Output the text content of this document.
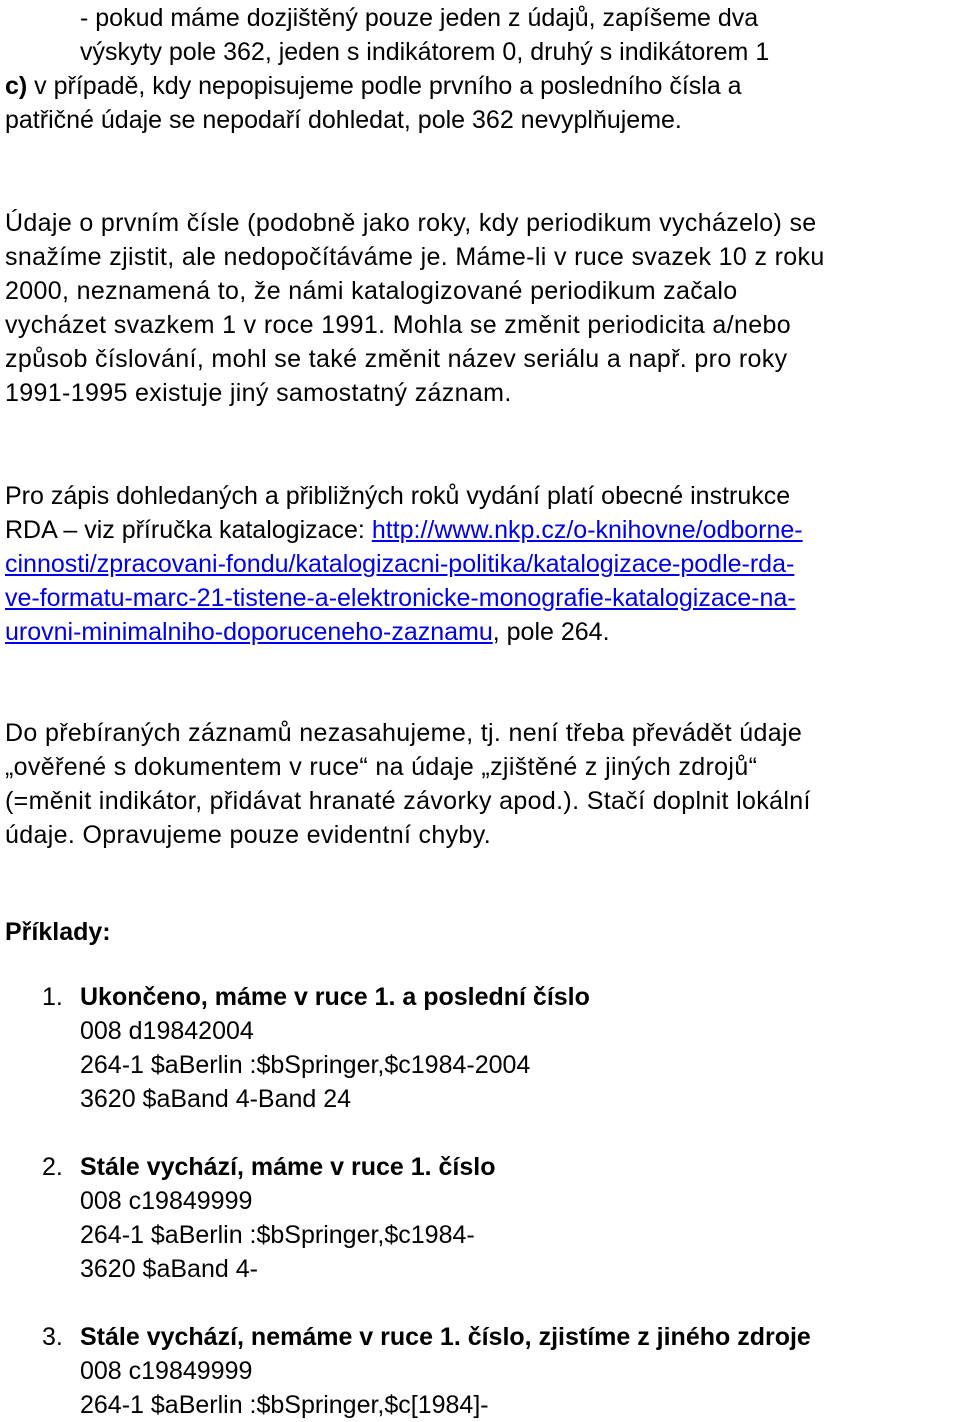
- pokud máme dozjištěný pouze jeden z údajů, zapíšeme dva
výskyty pole 362, jeden s indikátorem 0, druhý s indikátorem 1
c) v případě, kdy nepopisujeme podle prvního a posledního čísla a
patřičné údaje se nepodaří dohledat, pole 362 nevyplňujeme.
Údaje o prvním čísle (podobně jako roky, kdy periodikum vycházelo) se
snažíme zjistit, ale nedopočítáváme je. Máme-li v ruce svazek 10 z roku
2000, neznamená to, že námi katalogizované periodikum začalo
vycházet svazkem 1 v roce 1991. Mohla se změnit periodicita a/nebo
způsob číslování, mohl se také změnit název seriálu a např. pro roky
1991-1995 existuje jiný samostatný záznam.
Pro zápis dohledaných a přibližných roků vydání platí obecné instrukce
RDA – viz příručka katalogizace: http://www.nkp.cz/o-knihovne/odborne-
cinnosti/zpracovani-fondu/katalogizacni-politika/katalogizace-podle-rda-
ve-formatu-marc-21-tistene-a-elektronicke-monografie-katalogizace-na-
urovni-minimalniho-doporuceneho-zaznamu, pole 264.
Do přebíraných záznamů nezasahujeme, tj. není třeba převádět údaje
„ověřené s dokumentem v ruce“ na údaje „zjištěné z jiných zdrojů“
(=měnit indikátor, přidávat hranaté závorky apod.). Stačí doplnit lokální
údaje. Opravujeme pouze evidentní chyby.
Příklady:
1. Ukončeno, máme v ruce 1. a poslední číslo
008 d19842004
264-1 $aBerlin :$bSpringer,$c1984-2004
3620 $aBand 4-Band 24
2. Stále vychází, máme v ruce 1. číslo
008 c19849999
264-1 $aBerlin :$bSpringer,$c1984-
3620 $aBand 4-
3. Stále vychází, nemáme v ruce 1. číslo, zjistíme z jiného zdroje
008 c19849999
264-1 $aBerlin :$bSpringer,$c[1984]-
